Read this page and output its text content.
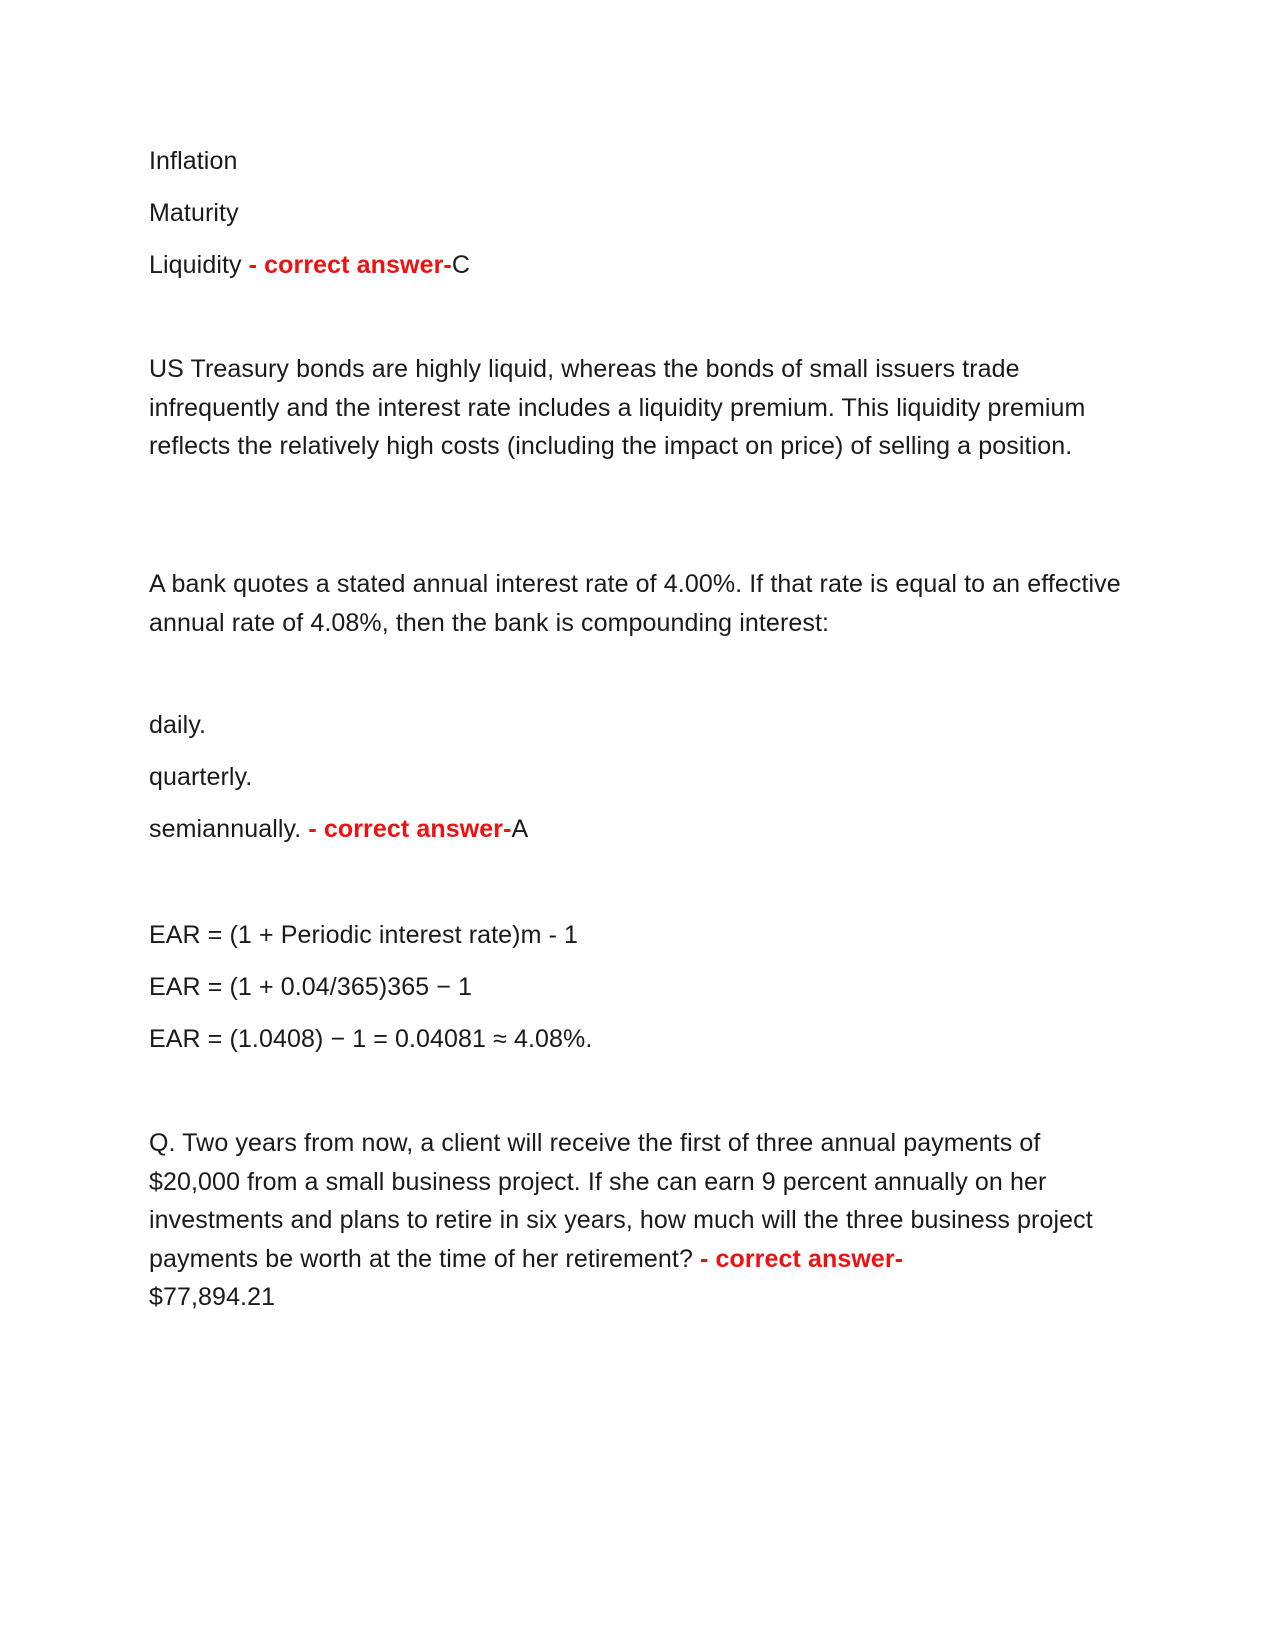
Inflation
Maturity
Liquidity - correct answer-C
US Treasury bonds are highly liquid, whereas the bonds of small issuers trade infrequently and the interest rate includes a liquidity premium. This liquidity premium reflects the relatively high costs (including the impact on price) of selling a position.
A bank quotes a stated annual interest rate of 4.00%. If that rate is equal to an effective annual rate of 4.08%, then the bank is compounding interest:
daily.
quarterly.
semiannually. - correct answer-A
EAR = (1 + Periodic interest rate)m - 1
EAR = (1 + 0.04/365)365 − 1
EAR = (1.0408) − 1 = 0.04081 ≈ 4.08%.
Q. Two years from now, a client will receive the first of three annual payments of $20,000 from a small business project. If she can earn 9 percent annually on her investments and plans to retire in six years, how much will the three business project payments be worth at the time of her retirement? - correct answer-
$77,894.21
